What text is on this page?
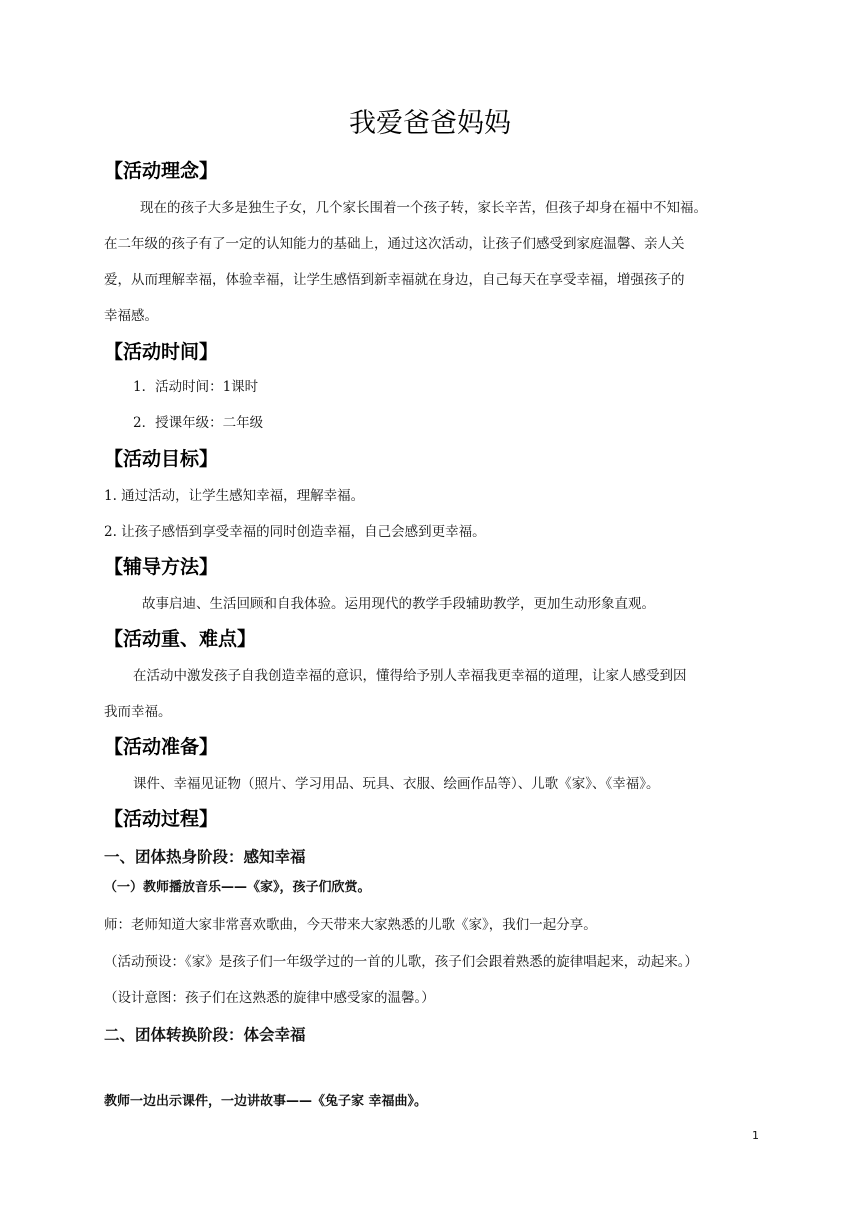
我爱爸爸妈妈
【活动理念】
现在的孩子大多是独生子女，几个家长围着一个孩子转，家长辛苦，但孩子却身在福中不知福。
在二年级的孩子有了一定的认知能力的基础上，通过这次活动，让孩子们感受到家庭温馨、亲人关
爱，从而理解幸福，体验幸福，让学生感悟到新幸福就在身边，自己每天在享受幸福，增强孩子的
幸福感。
【活动时间】
1．活动时间：1课时
2．授课年级：二年级
【活动目标】
1. 通过活动，让学生感知幸福，理解幸福。
2. 让孩子感悟到享受幸福的同时创造幸福，自己会感到更幸福。
【辅导方法】
故事启迪、生活回顾和自我体验。运用现代的教学手段辅助教学，更加生动形象直观。
【活动重、难点】
在活动中激发孩子自我创造幸福的意识，懂得给予别人幸福我更幸福的道理，让家人感受到因
我而幸福。
【活动准备】
课件、幸福见证物（照片、学习用品、玩具、衣服、绘画作品等）、儿歌《家》、《幸福》。
【活动过程】
一、团体热身阶段：感知幸福
（一）教师播放音乐——《家》，孩子们欣赏。
师：老师知道大家非常喜欢歌曲，今天带来大家熟悉的儿歌《家》，我们一起分享。
（活动预设：《家》是孩子们一年级学过的一首的儿歌，孩子们会跟着熟悉的旋律唱起来，动起来。）
（设计意图：孩子们在这熟悉的旋律中感受家的温馨。）
二、团体转换阶段：体会幸福
教师一边出示课件，一边讲故事——《兔子家 幸福曲》。
1
